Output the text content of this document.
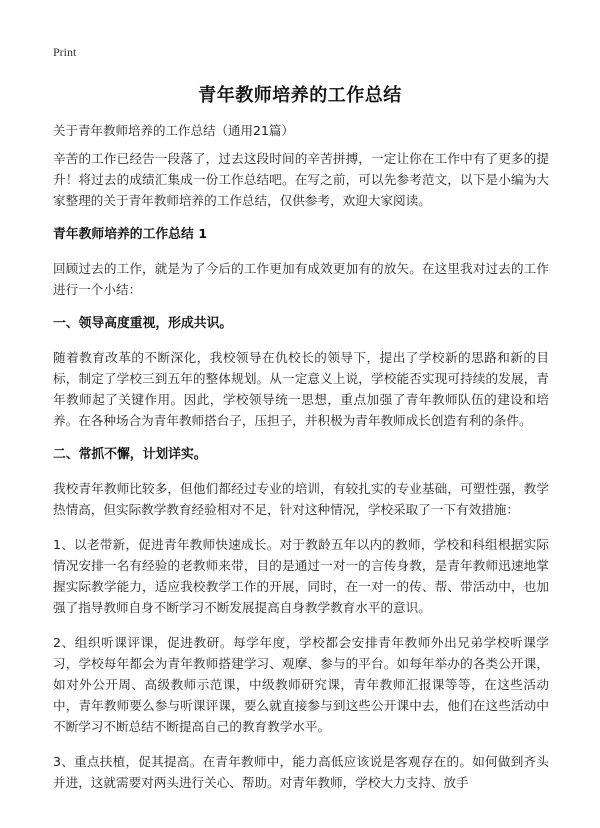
Print
青年教师培养的工作总结
关于青年教师培养的工作总结（通用21篇）

辛苦的工作已经告一段落了，过去这段时间的辛苦拼搏，一定让你在工作中有了更多的提升！将过去的成绩汇集成一份工作总结吧。在写之前，可以先参考范文，以下是小编为大家整理的关于青年教师培养的工作总结，仅供参考，欢迎大家阅读。

青年教师培养的工作总结 1

回顾过去的工作，就是为了今后的工作更加有成效更加有的放矢。在这里我对过去的工作进行一个小结：

一、领导高度重视，形成共识。

随着教育改革的不断深化，我校领导在仇校长的领导下，提出了学校新的思路和新的目标，制定了学校三到五年的整体规划。从一定意义上说，学校能否实现可持续的发展，青年教师起了关键作用。因此，学校领导统一思想，重点加强了青年教师队伍的建设和培养。在各种场合为青年教师搭台子，压担子，并积极为青年教师成长创造有利的条件。

二、常抓不懈，计划详实。

我校青年教师比较多，但他们都经过专业的培训，有较扎实的专业基础，可塑性强，教学热情高，但实际教学教育经验相对不足，针对这种情况，学校采取了一下有效措施：

1、以老带新，促进青年教师快速成长。对于教龄五年以内的教师，学校和科组根据实际情况安排一名有经验的老教师来带，目的是通过一对一的言传身教，是青年教师迅速地掌握实际教学能力，适应我校教学工作的开展，同时，在一对一的传、帮、带活动中，也加强了指导教师自身不断学习不断发展提高自身教学教育水平的意识。

2、组织听课评课，促进教研。每学年度，学校都会安排青年教师外出兄弟学校听课学习，学校每年都会为青年教师搭建学习、观摩、参与的平台。如每年举办的各类公开课，如对外公开周、高级教师示范课，中级教师研究课，青年教师汇报课等等，在这些活动中，青年教师要么参与听课评课，要么就直接参与到这些公开课中去，他们在这些活动中不断学习不断总结不断提高自己的教育教学水平。

3、重点扶植，促其提高。在青年教师中，能力高低应该说是客观存在的。如何做到齐头并进，这就需要对两头进行关心、帮助。对青年教师，学校大力支持、放手
